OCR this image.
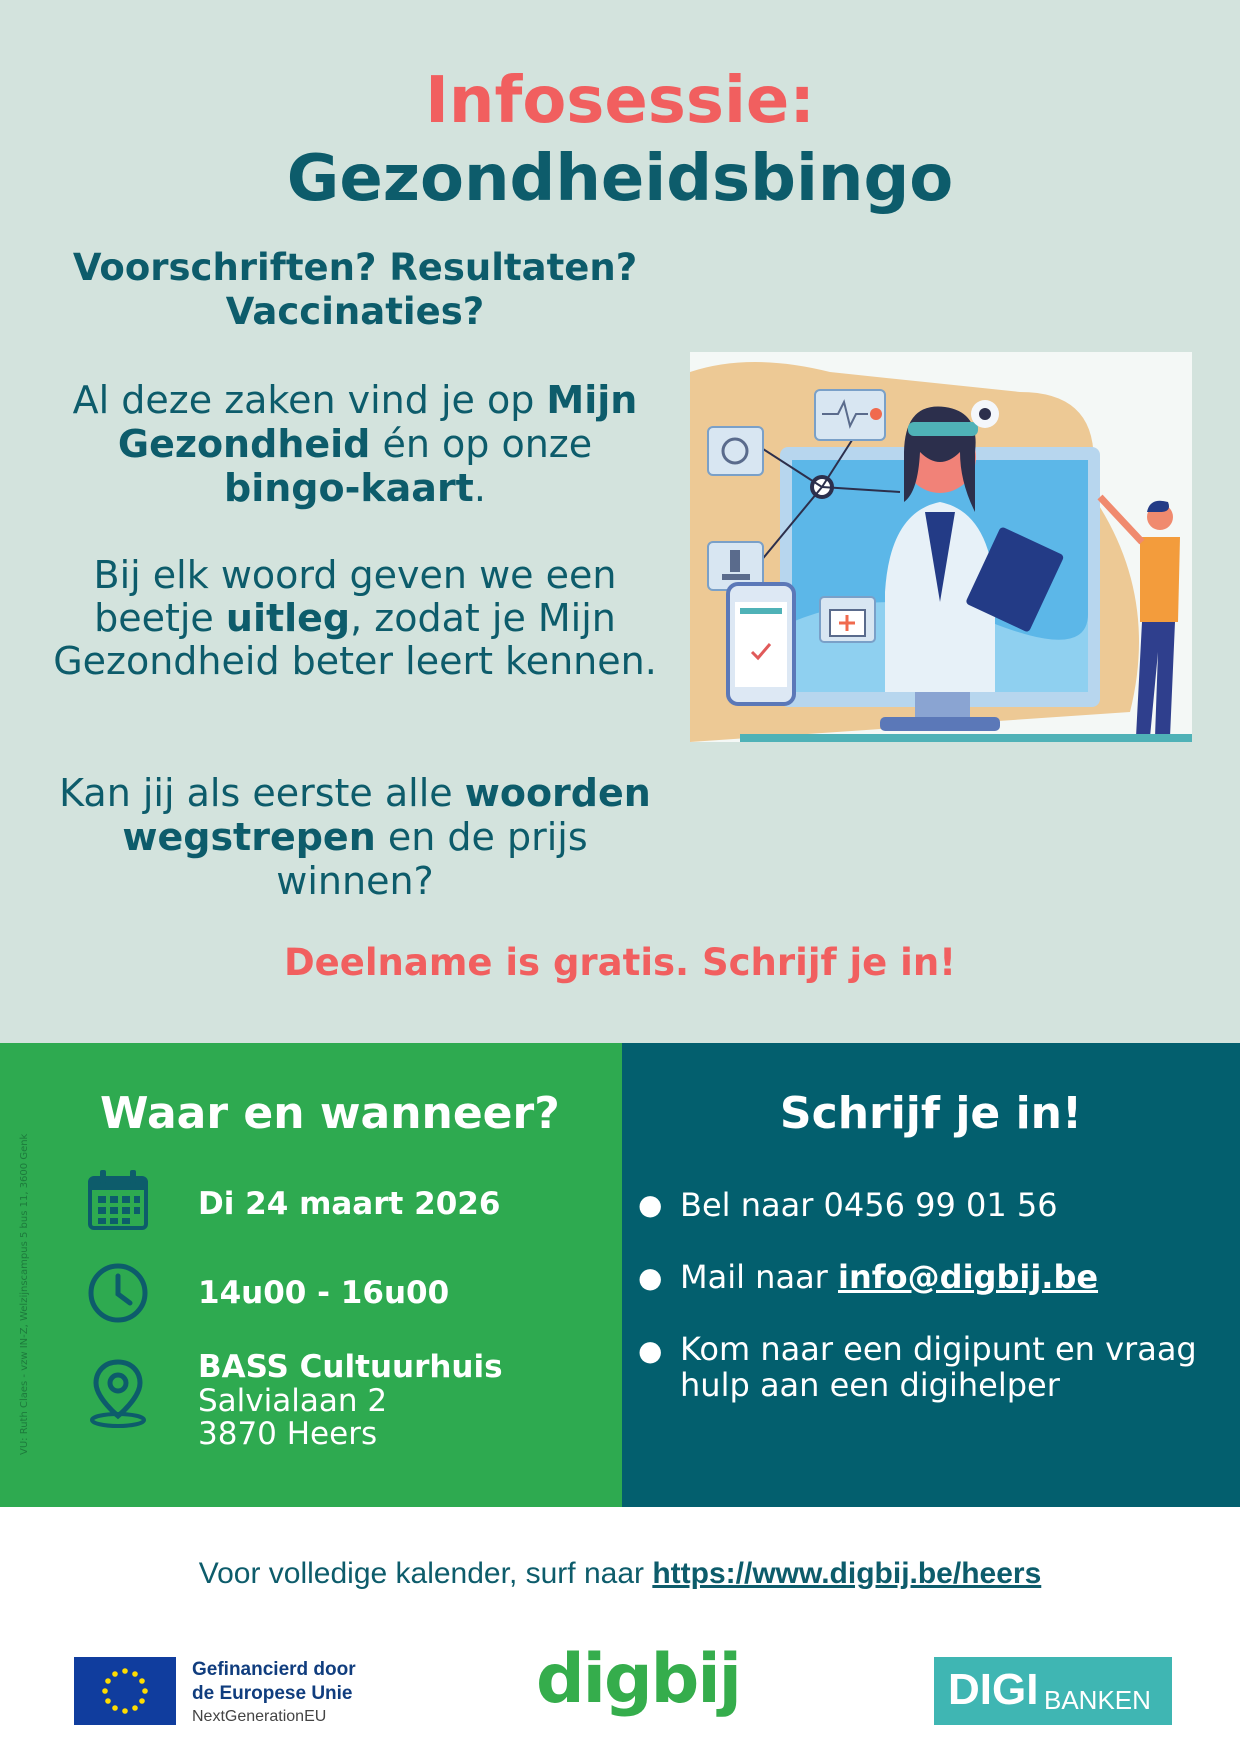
Infosessie:
Gezondheidsbingo
Voorschriften? Resultaten?
Vaccinaties?
Al deze zaken vind je op Mijn Gezondheid én op onze bingo-kaart.
Bij elk woord geven we een beetje uitleg, zodat je Mijn Gezondheid beter leert kennen.
Kan jij als eerste alle woorden wegstrepen en de prijs winnen?
Deelname is gratis. Schrijf je in!
VU: Ruth Claes - vzw IN-Z, Welzijnscampus 5 bus 11, 3600 Genk
Waar en wanneer?
Di 24 maart 2026
14u00 - 16u00
BASS Cultuurhuis
Salvialaan 2
3870 Heers
Schrijf je in!
● Bel naar 0456 99 01 56
● Mail naar info@digbij.be
● Kom naar een digipunt en vraag hulp aan een digihelper
Voor volledige kalender, surf naar https://www.digbij.be/heers
Gefinancierd door
de Europese Unie
NextGenerationEU	digbij	DIGI BANKEN
